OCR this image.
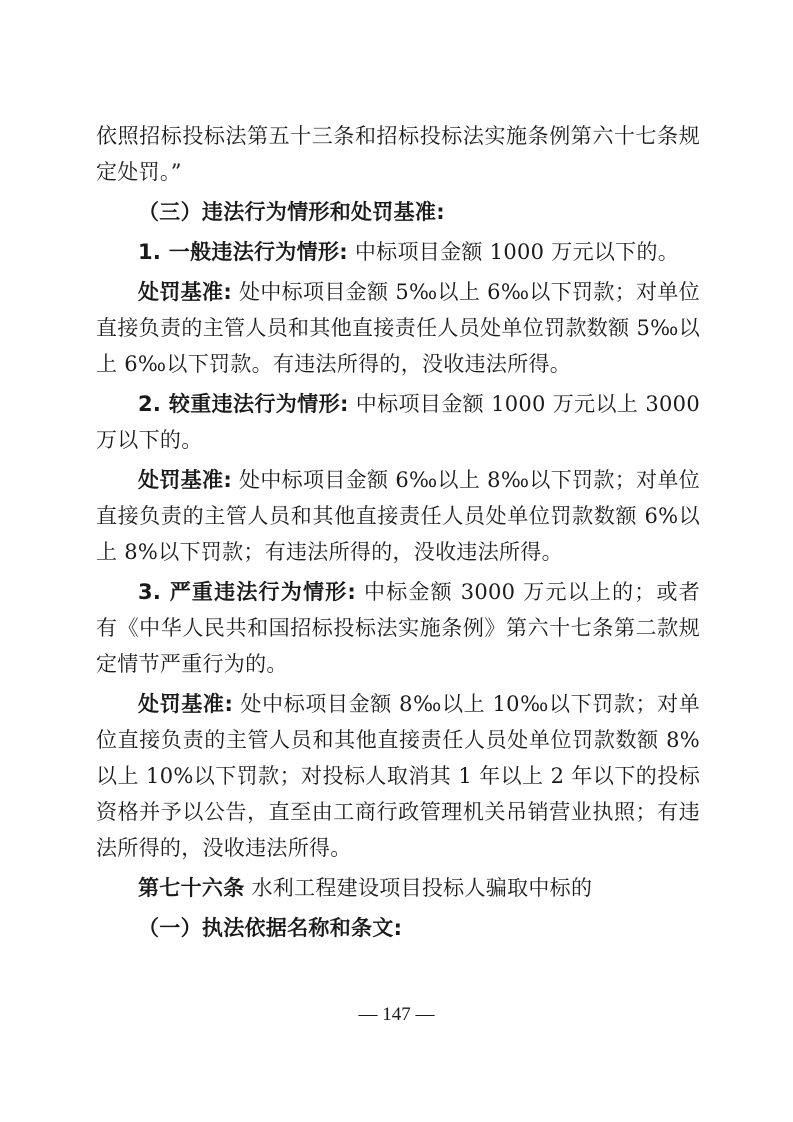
依照招标投标法第五十三条和招标投标法实施条例第六十七条规定处罚。”

（三）违法行为情形和处罚基准:

1. 一般违法行为情形: 中标项目金额 1000 万元以下的。

处罚基准: 处中标项目金额 5‰以上 6‰以下罚款；对单位直接负责的主管人员和其他直接责任人员处单位罚款数额 5‰以上 6‰以下罚款。有违法所得的，没收违法所得。

2. 较重违法行为情形: 中标项目金额 1000 万元以上 3000 万以下的。

处罚基准: 处中标项目金额 6‰以上 8‰以下罚款；对单位直接负责的主管人员和其他直接责任人员处单位罚款数额 6%以上 8%以下罚款；有违法所得的，没收违法所得。

3. 严重违法行为情形: 中标金额 3000 万元以上的；或者有《中华人民共和国招标投标法实施条例》第六十七条第二款规定情节严重行为的。

处罚基准: 处中标项目金额 8‰以上 10‰以下罚款；对单位直接负责的主管人员和其他直接责任人员处单位罚款数额 8%以上 10%以下罚款；对投标人取消其 1 年以上 2 年以下的投标资格并予以公告，直至由工商行政管理机关吊销营业执照；有违法所得的，没收违法所得。

第七十六条 水利工程建设项目投标人骗取中标的

（一）执法依据名称和条文:

— 147 —
